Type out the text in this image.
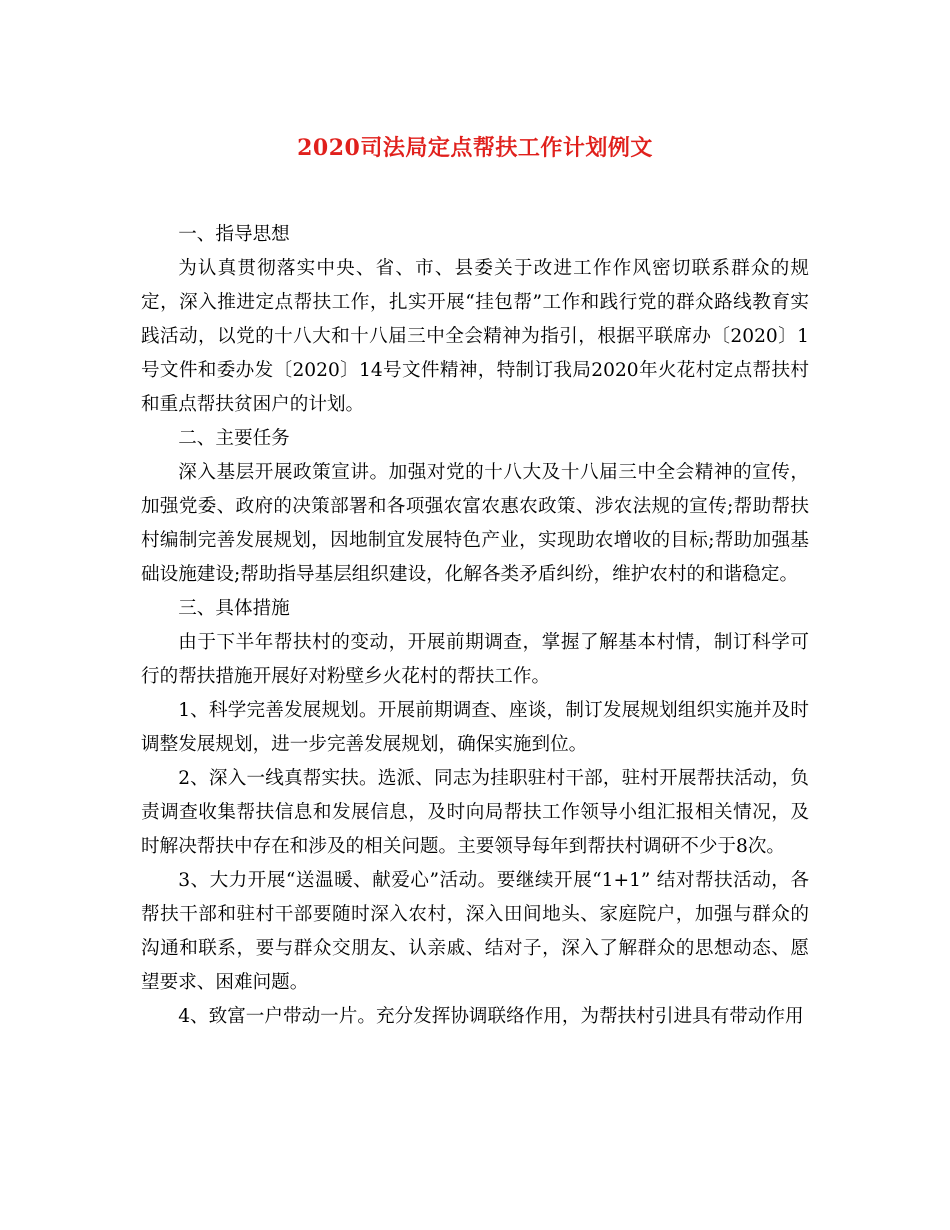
2020司法局定点帮扶工作计划例文

一、指导思想

为认真贯彻落实中央、省、市、县委关于改进工作作风密切联系群众的规定，深入推进定点帮扶工作，扎实开展“挂包帮”工作和践行党的群众路线教育实践活动，以党的十八大和十八届三中全会精神为指引，根据平联席办〔2020〕1号文件和委办发〔2020〕14号文件精神，特制订我局2020年火花村定点帮扶村和重点帮扶贫困户的计划。

二、主要任务

深入基层开展政策宣讲。加强对党的十八大及十八届三中全会精神的宣传，加强党委、政府的决策部署和各项强农富农惠农政策、涉农法规的宣传;帮助帮扶村编制完善发展规划，因地制宜发展特色产业，实现助农增收的目标;帮助加强基础设施建设;帮助指导基层组织建设，化解各类矛盾纠纷，维护农村的和谐稳定。

三、具体措施

由于下半年帮扶村的变动，开展前期调查，掌握了解基本村情，制订科学可行的帮扶措施开展好对粉壁乡火花村的帮扶工作。

1、科学完善发展规划。开展前期调查、座谈，制订发展规划组织实施并及时调整发展规划，进一步完善发展规划，确保实施到位。

2、深入一线真帮实扶。选派、同志为挂职驻村干部，驻村开展帮扶活动，负责调查收集帮扶信息和发展信息，及时向局帮扶工作领导小组汇报相关情况，及时解决帮扶中存在和涉及的相关问题。主要领导每年到帮扶村调研不少于8次。

3、大力开展“送温暖、献爱心”活动。要继续开展“1+1” 结对帮扶活动，各帮扶干部和驻村干部要随时深入农村，深入田间地头、家庭院户，加强与群众的沟通和联系，要与群众交朋友、认亲戚、结对子，深入了解群众的思想动态、愿望要求、困难问题。

4、致富一户带动一片。充分发挥协调联络作用，为帮扶村引进具有带动作用
